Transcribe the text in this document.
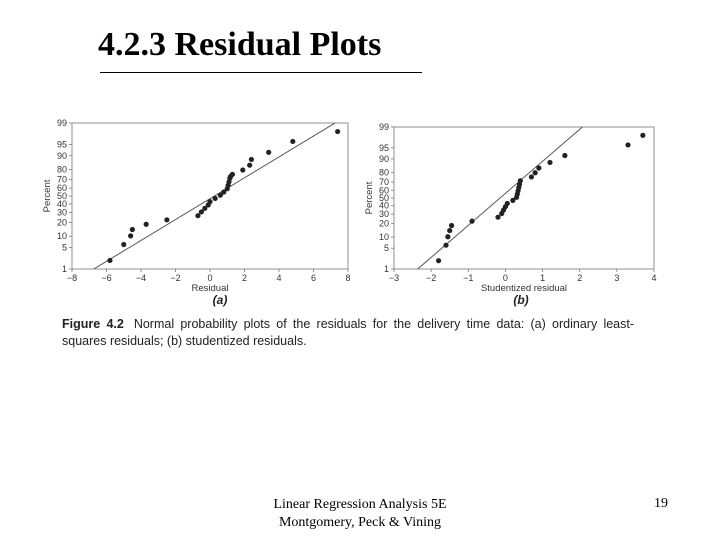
4.2.3 Residual Plots
1
5
10
20
30
40
50
60
70
80
90
95
99
−8	−6	−4	−2	0	2	4	6	8
Residual
Percent
(a)
1
5
10
20
30
40
50
60
70
80
90
95
99
−3	−2	−1	0	1	2	3	4
Studentized residual
Percent
(b)
Figure 4.2 Normal probability plots of the residuals for the delivery time data: (a) ordinary least-squares residuals; (b) studentized residuals.
Linear Regression Analysis 5E
Montgomery, Peck & Vining
19
